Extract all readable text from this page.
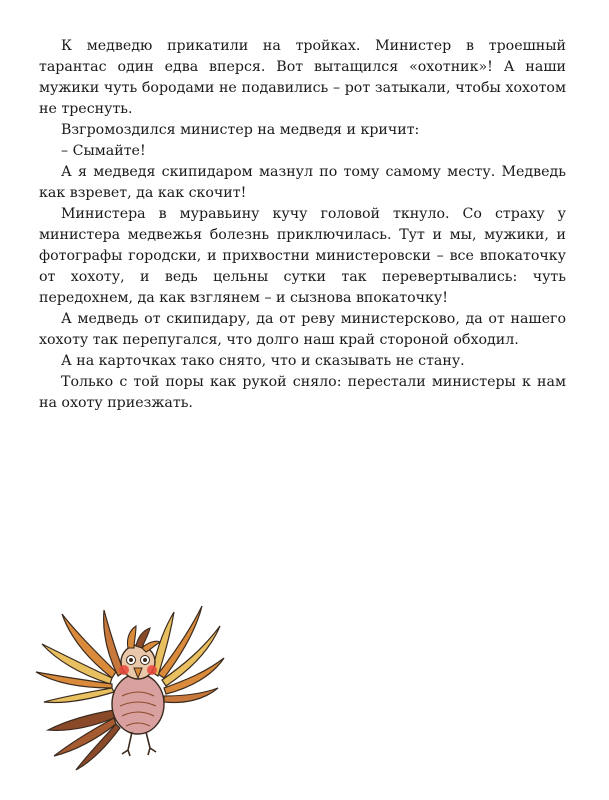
К медведю прикатили на тройках. Министер в троешный тарантас один едва вперся. Вот вытащился «охотник»! А наши мужики чуть бородами не подавились – рот затыкали, чтобы хохотом не треснуть.

Взгромоздился министер на медведя и кричит:

– Сымайте!

А я медведя скипидаром мазнул по тому самому месту. Медведь как взревет, да как скочит!

Министера в муравьину кучу головой ткнуло. Со страху у министера медвежья болезнь приключилась. Тут и мы, мужики, и фотографы городски, и прихвостни министеровски – все впокаточку от хохоту, и ведь цельны сутки так перевертывались: чуть передохнем, да как взглянем – и сызнова впокаточку!

А медведь от скипидару, да от реву министерсково, да от нашего хохоту так перепугался, что долго наш край стороной обходил.

А на карточках тако снято, что и сказывать не стану.

Только с той поры как рукой сняло: перестали министеры к нам на охоту приезжать.
